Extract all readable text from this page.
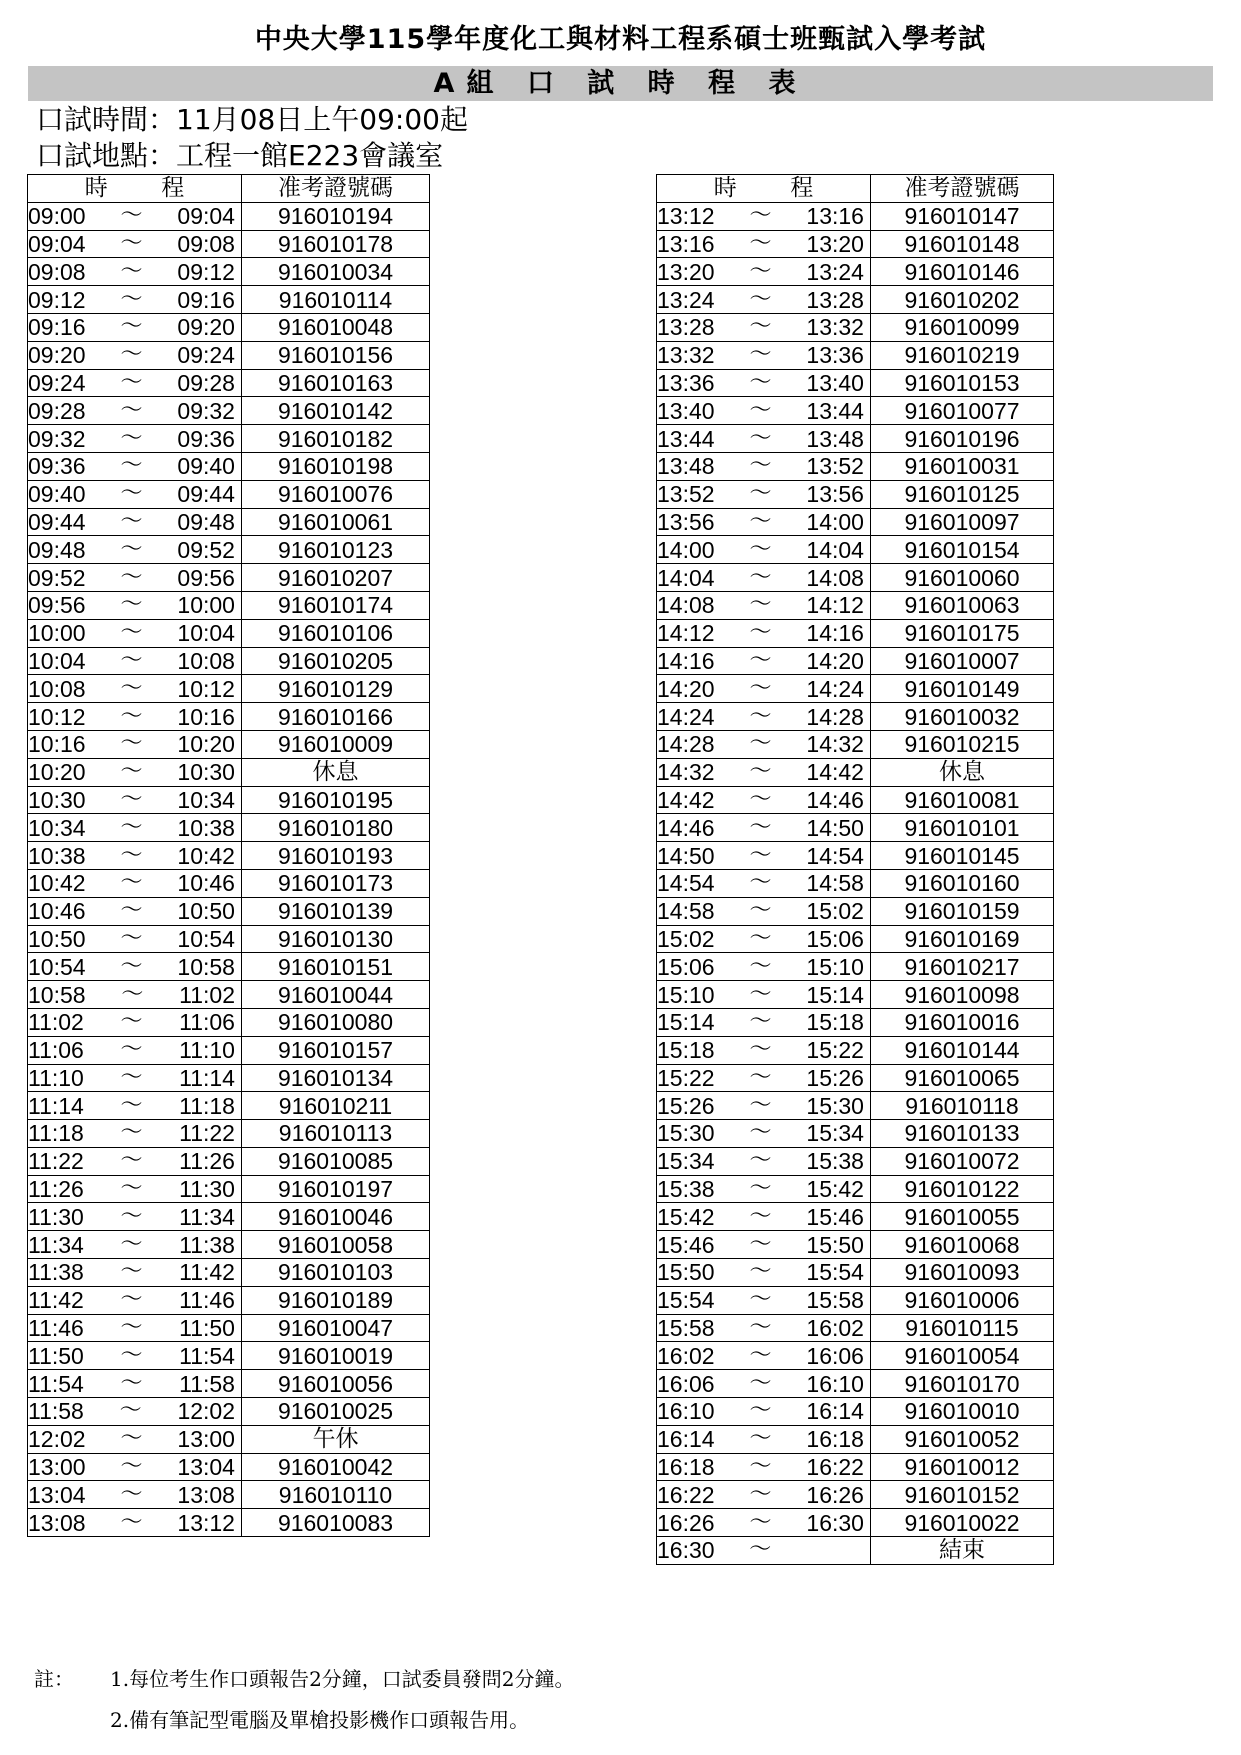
中央大學115學年度化工與材料工程系碩士班甄試入學考試
A組 口 試 時 程 表
口試時間：11月08日上午09:00起
口試地點：工程一館E223會議室
時 程	准考證號碼

09:00 ～ 09:04	916010194

09:04 ～ 09:08	916010178

09:08 ～ 09:12	916010034

09:12 ～ 09:16	916010114

09:16 ～ 09:20	916010048

09:20 ～ 09:24	916010156

09:24 ～ 09:28	916010163

09:28 ～ 09:32	916010142

09:32 ～ 09:36	916010182

09:36 ～ 09:40	916010198

09:40 ～ 09:44	916010076

09:44 ～ 09:48	916010061

09:48 ～ 09:52	916010123

09:52 ～ 09:56	916010207

09:56 ～ 10:00	916010174

10:00 ～ 10:04	916010106

10:04 ～ 10:08	916010205

10:08 ～ 10:12	916010129

10:12 ～ 10:16	916010166

10:16 ～ 10:20	916010009

10:20 ～ 10:30	休息

10:30 ～ 10:34	916010195

10:34 ～ 10:38	916010180

10:38 ～ 10:42	916010193

10:42 ～ 10:46	916010173

10:46 ～ 10:50	916010139

10:50 ～ 10:54	916010130

10:54 ～ 10:58	916010151

10:58 ～ 11:02	916010044

11:02 ～ 11:06	916010080

11:06 ～ 11:10	916010157

11:10 ～ 11:14	916010134

11:14 ～ 11:18	916010211

11:18 ～ 11:22	916010113

11:22 ～ 11:26	916010085

11:26 ～ 11:30	916010197

11:30 ～ 11:34	916010046

11:34 ～ 11:38	916010058

11:38 ～ 11:42	916010103

11:42 ～ 11:46	916010189

11:46 ～ 11:50	916010047

11:50 ～ 11:54	916010019

11:54 ～ 11:58	916010056

11:58 ～ 12:02	916010025

12:02 ～ 13:00	午休

13:00 ～ 13:04	916010042

13:04 ～ 13:08	916010110

13:08 ～ 13:12	916010083
時 程	准考證號碼

13:12 ～ 13:16	916010147

13:16 ～ 13:20	916010148

13:20 ～ 13:24	916010146

13:24 ～ 13:28	916010202

13:28 ～ 13:32	916010099

13:32 ～ 13:36	916010219

13:36 ～ 13:40	916010153

13:40 ～ 13:44	916010077

13:44 ～ 13:48	916010196

13:48 ～ 13:52	916010031

13:52 ～ 13:56	916010125

13:56 ～ 14:00	916010097

14:00 ～ 14:04	916010154

14:04 ～ 14:08	916010060

14:08 ～ 14:12	916010063

14:12 ～ 14:16	916010175

14:16 ～ 14:20	916010007

14:20 ～ 14:24	916010149

14:24 ～ 14:28	916010032

14:28 ～ 14:32	916010215

14:32 ～ 14:42	休息

14:42 ～ 14:46	916010081

14:46 ～ 14:50	916010101

14:50 ～ 14:54	916010145

14:54 ～ 14:58	916010160

14:58 ～ 15:02	916010159

15:02 ～ 15:06	916010169

15:06 ～ 15:10	916010217

15:10 ～ 15:14	916010098

15:14 ～ 15:18	916010016

15:18 ～ 15:22	916010144

15:22 ～ 15:26	916010065

15:26 ～ 15:30	916010118

15:30 ～ 15:34	916010133

15:34 ～ 15:38	916010072

15:38 ～ 15:42	916010122

15:42 ～ 15:46	916010055

15:46 ～ 15:50	916010068

15:50 ～ 15:54	916010093

15:54 ～ 15:58	916010006

15:58 ～ 16:02	916010115

16:02 ～ 16:06	916010054

16:06 ～ 16:10	916010170

16:10 ～ 16:14	916010010

16:14 ～ 16:18	916010052

16:18 ～ 16:22	916010012

16:22 ～ 16:26	916010152

16:26 ～ 16:30	916010022

16:30 ～	結束
註： 1.每位考生作口頭報告2分鐘，口試委員發問2分鐘。
2.備有筆記型電腦及單槍投影機作口頭報告用。
